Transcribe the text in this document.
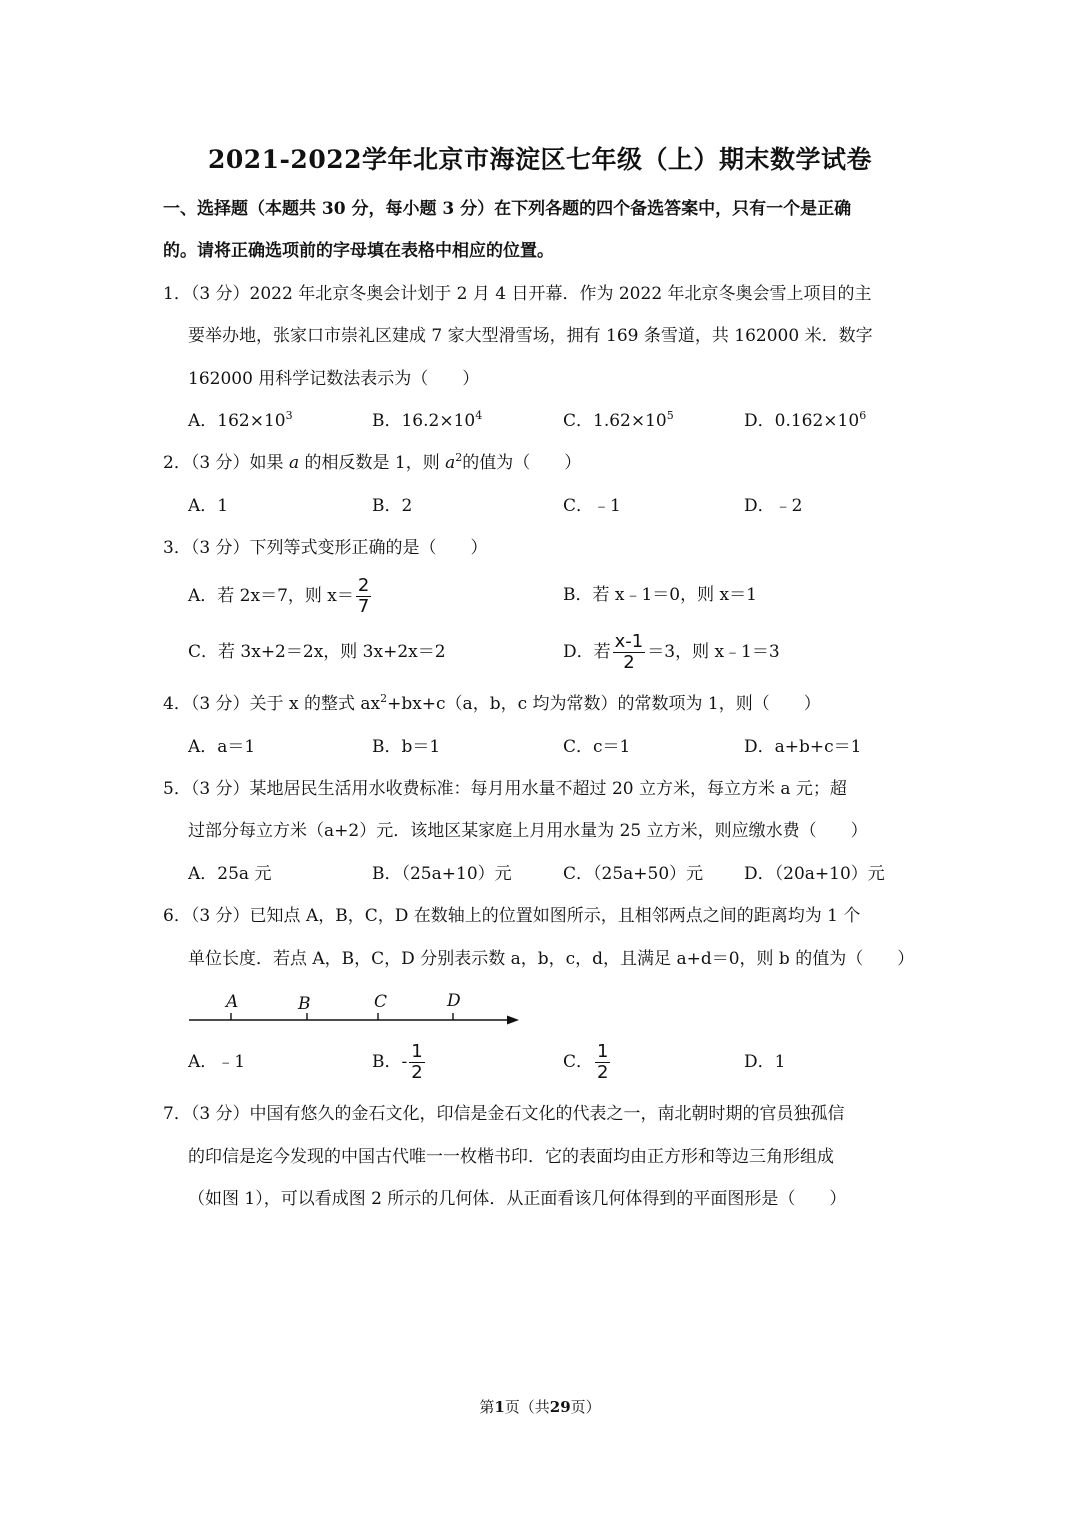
2021-2022学年北京市海淀区七年级（上）期末数学试卷
一、选择题（本题共 30 分，每小题 3 分）在下列各题的四个备选答案中，只有一个是正确
的。请将正确选项前的字母填在表格中相应的位置。
1．（3 分）2022 年北京冬奥会计划于 2 月 4 日开幕．作为 2022 年北京冬奥会雪上项目的主
要举办地，张家口市崇礼区建成 7 家大型滑雪场，拥有 169 条雪道，共 162000 米．数字
162000 用科学记数法表示为（　　）
A．$162\times 10^3$	B．$16.2\times 10^4$	C．$1.62\times 10^5$	D．$0.162\times 10^6$
2．（3 分）如果 a 的相反数是 1，则 $a^2$的值为（　　）
A．1	B．2	C．﹣1	D．﹣2
3．（3 分）下列等式变形正确的是（　　）
A．若 2x＝7，则 $x= \frac{2}{7}$	B．若 x﹣1＝0，则 x＝1
C．若 3x+2＝2x，则 3x+2x＝2	D．若 $\frac{x-1}{2} =3$，则 x﹣1＝3
4．（3 分）关于 x 的整式 $ax^2+bx+c(a$，b，c 均为常数）的常数项为 1，则（　　）
A．a＝1	B．b＝1	C．c＝1	D．a+b+c＝1
5．（3 分）某地居民生活用水收费标准：每月用水量不超过 20 立方米，每立方米 a 元；超
过部分每立方米（a+2）元．该地区某家庭上月用水量为 25 立方米，则应缴水费（　　）
A．25a 元	B．（25a+10）元	C．（25a+50）元 D．（20a+10）元
6．（3 分）已知点 A，B，C，D 在数轴上的位置如图所示，且相邻两点之间的距离均为 1 个
单位长度．若点 A，B，C，D 分别表示数 a，b，c，d，且满足 a+d＝0，则 b 的值为（　　）
A	B	C	D
A．﹣1	B．- $\frac{1}{2}$	C． $\frac{1}{2}$	D．1
7．（3 分）中国有悠久的金石文化，印信是金石文化的代表之一，南北朝时期的官员独孤信
的印信是迄今发现的中国古代唯一一枚楷书印．它的表面均由正方形和等边三角形组成
（如图 1），可以看成图 2 所示的几何体．从正面看该几何体得到的平面图形是（　　）
第1页（共29页）
